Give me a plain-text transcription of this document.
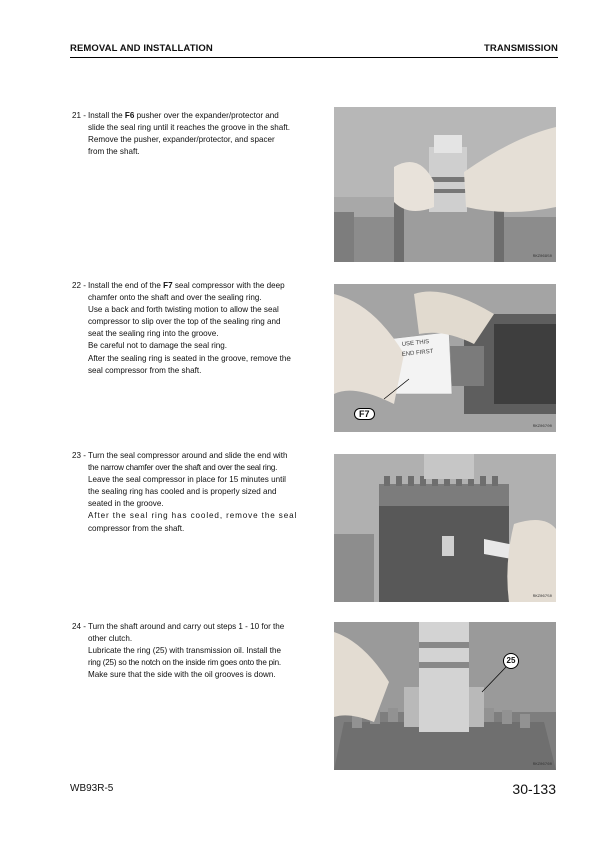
REMOVAL AND INSTALLATION	TRANSMISSION
21 - Install the F6 pusher over the expander/protector and

slide the seal ring until it reaches the groove in the shaft.

Remove the pusher, expander/protector, and spacer

from the shaft.

22 - Install the end of the F7 seal compressor with the deep

chamfer onto the shaft and over the sealing ring.

Use a back and forth twisting motion to allow the seal

compressor to slip over the top of the sealing ring and

seat the sealing ring into the groove.

Be careful not to damage the seal ring.

After the sealing ring is seated in the groove, remove the

seal compressor from the shaft.

23 - Turn the seal compressor around and slide the end with

the narrow chamfer over the shaft and over the seal ring.

Leave the seal compressor in place for 15 minutes until

the sealing ring has cooled and is properly sized and

seated in the groove.

After the seal ring has cooled, remove the seal

compressor from the shaft.

24 - Turn the shaft around and carry out steps 1 - 10 for the

other clutch.

Lubricate the ring (25) with transmission oil. Install the

ring (25) so the notch on the inside rim goes onto the pin.

Make sure that the side with the oil grooves is down.

RKZ06950
USE THIS
END FIRST
F7
RKZ06700
RKZ06750
25
RKZ06760
WB93R-5	30-133
